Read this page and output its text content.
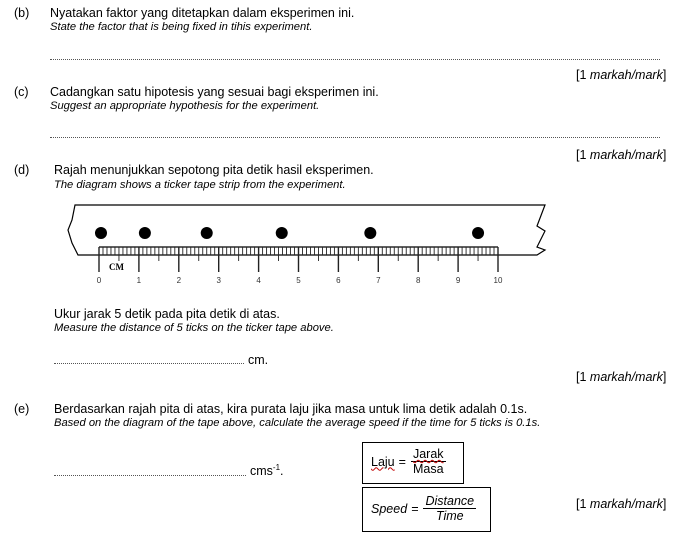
(b) Nyatakan faktor yang ditetapkan dalam eksperimen ini.
State the factor that is being fixed in tihis experiment.
[1 markah/mark]
(c) Cadangkan satu hipotesis yang sesuai bagi eksperimen ini.
Suggest an appropriate hypothesis for the experiment.
[1 markah/mark]
(d) Rajah menunjukkan sepotong pita detik hasil eksperimen.
The diagram shows a ticker tape strip from the experiment.
0	1	2	3	4	5	6	7	8	9	10
CM
Ukur jarak 5 detik pada pita detik di atas.
Measure the distance of 5 ticks on the ticker tape above.
cm.
[1 markah/mark]
(e) Berdasarkan rajah pita di atas, kira purata laju jika masa untuk lima detik adalah 0.1s.
Based on the diagram of the tape above, calculate the average speed if the time for 5 ticks is 0.1s.
cms$^{-1}$.
Laju = $\frac{\text{Jarak}}{\text{Masa}}$
Speed = $\frac{\text{Distance}}{\text{Time}}$	[1 markah/mark]
